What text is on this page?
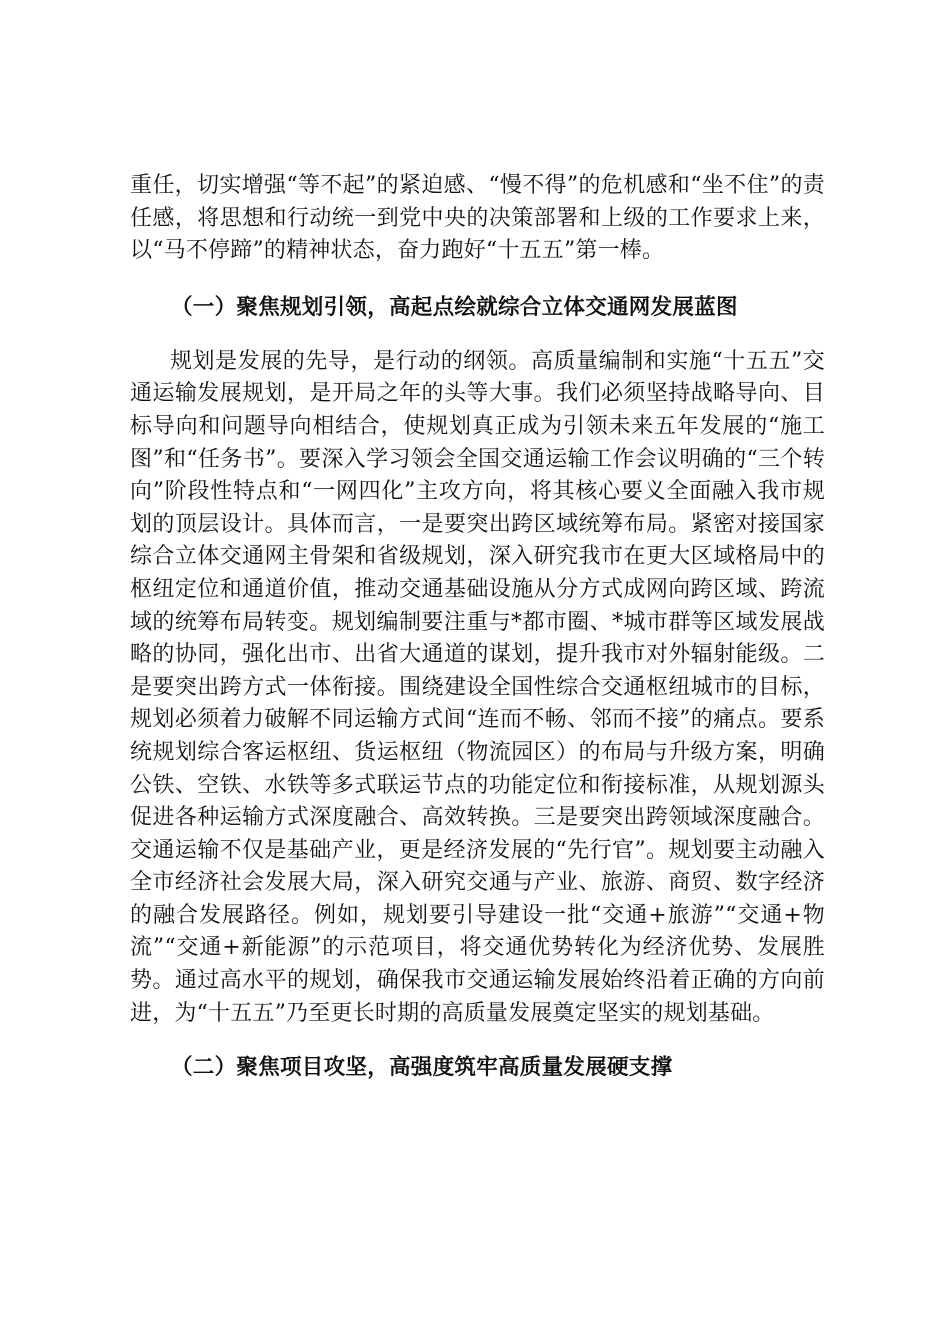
重任，切实增强“等不起”的紧迫感、“慢不得”的危机感和“坐不住”的责任感，将思想和行动统一到党中央的决策部署和上级的工作要求上来，以“马不停蹄”的精神状态，奋力跑好“十五五”第一棒。

（一）聚焦规划引领，高起点绘就综合立体交通网发展蓝图

规划是发展的先导，是行动的纲领。高质量编制和实施“十五五”交通运输发展规划，是开局之年的头等大事。我们必须坚持战略导向、目标导向和问题导向相结合，使规划真正成为引领未来五年发展的“施工图”和“任务书”。要深入学习领会全国交通运输工作会议明确的“三个转向”阶段性特点和“一网四化”主攻方向，将其核心要义全面融入我市规划的顶层设计。具体而言，一是要突出跨区域统筹布局。紧密对接国家综合立体交通网主骨架和省级规划，深入研究我市在更大区域格局中的枢纽定位和通道价值，推动交通基础设施从分方式成网向跨区域、跨流域的统筹布局转变。规划编制要注重与*都市圈、*城市群等区域发展战略的协同，强化出市、出省大通道的谋划，提升我市对外辐射能级。二是要突出跨方式一体衔接。围绕建设全国性综合交通枢纽城市的目标，规划必须着力破解不同运输方式间“连而不畅、邻而不接”的痛点。要系统规划综合客运枢纽、货运枢纽（物流园区）的布局与升级方案，明确公铁、空铁、水铁等多式联运节点的功能定位和衔接标准，从规划源头促进各种运输方式深度融合、高效转换。三是要突出跨领域深度融合。交通运输不仅是基础产业，更是经济发展的“先行官”。规划要主动融入全市经济社会发展大局，深入研究交通与产业、旅游、商贸、数字经济的融合发展路径。例如，规划要引导建设一批“交通+旅游”“交通+物流”“交通+新能源”的示范项目，将交通优势转化为经济优势、发展胜势。通过高水平的规划，确保我市交通运输发展始终沿着正确的方向前进，为“十五五”乃至更长时期的高质量发展奠定坚实的规划基础。

（二）聚焦项目攻坚，高强度筑牢高质量发展硬支撑
